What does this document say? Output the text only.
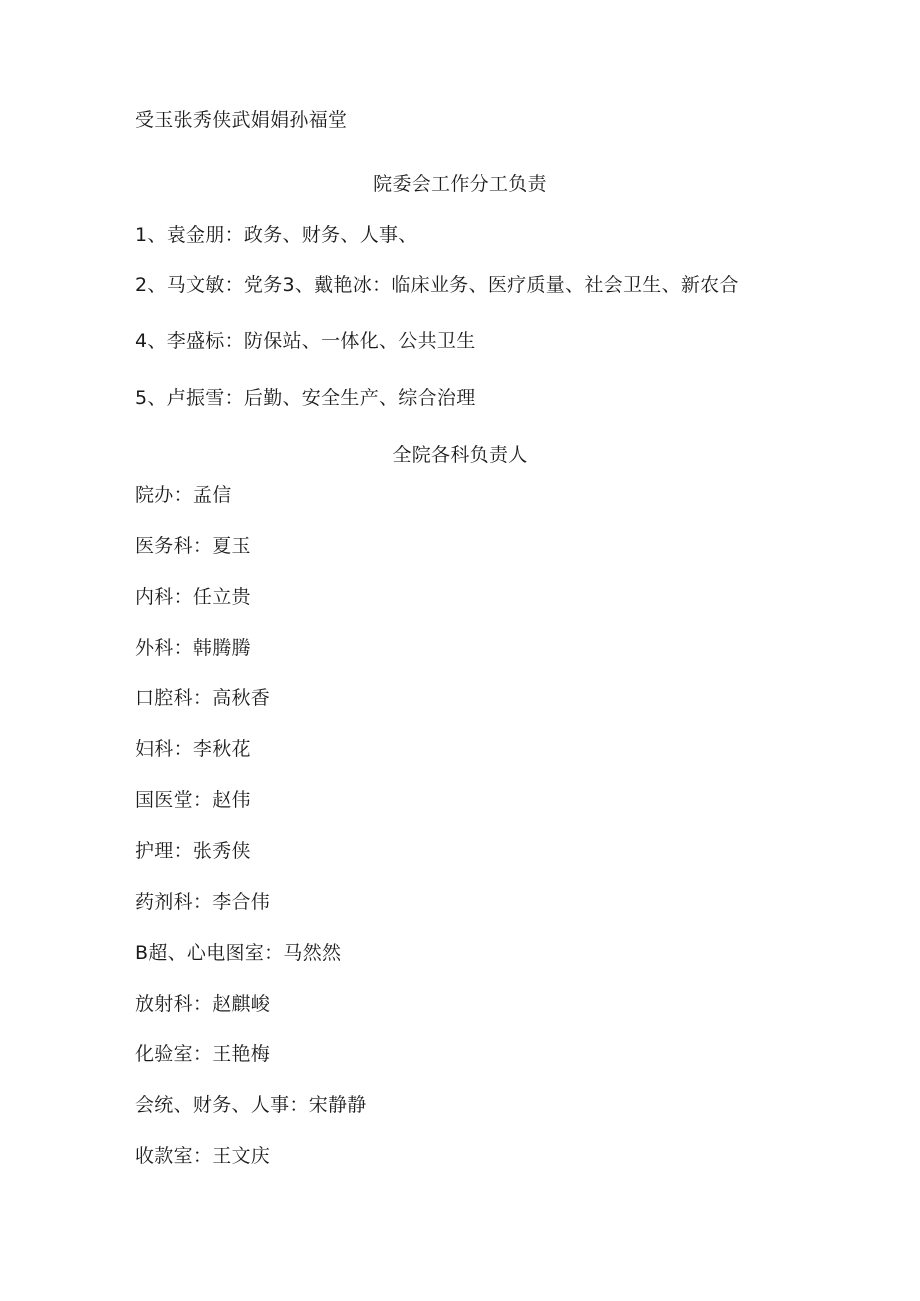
受玉张秀侠武娟娟孙福堂
院委会工作分工负责
1、袁金朋：政务、财务、人事、
2、马文敏：党务3、戴艳冰：临床业务、医疗质量、社会卫生、新农合
4、李盛标：防保站、一体化、公共卫生
5、卢振雪：后勤、安全生产、综合治理
全院各科负责人
院办：孟信
医务科：夏玉
内科：任立贵
外科：韩腾腾
口腔科：高秋香
妇科：李秋花
国医堂：赵伟
护理：张秀侠
药剂科：李合伟
B超、心电图室：马然然
放射科：赵麒峻
化验室：王艳梅
会统、财务、人事：宋静静
收款室：王文庆
